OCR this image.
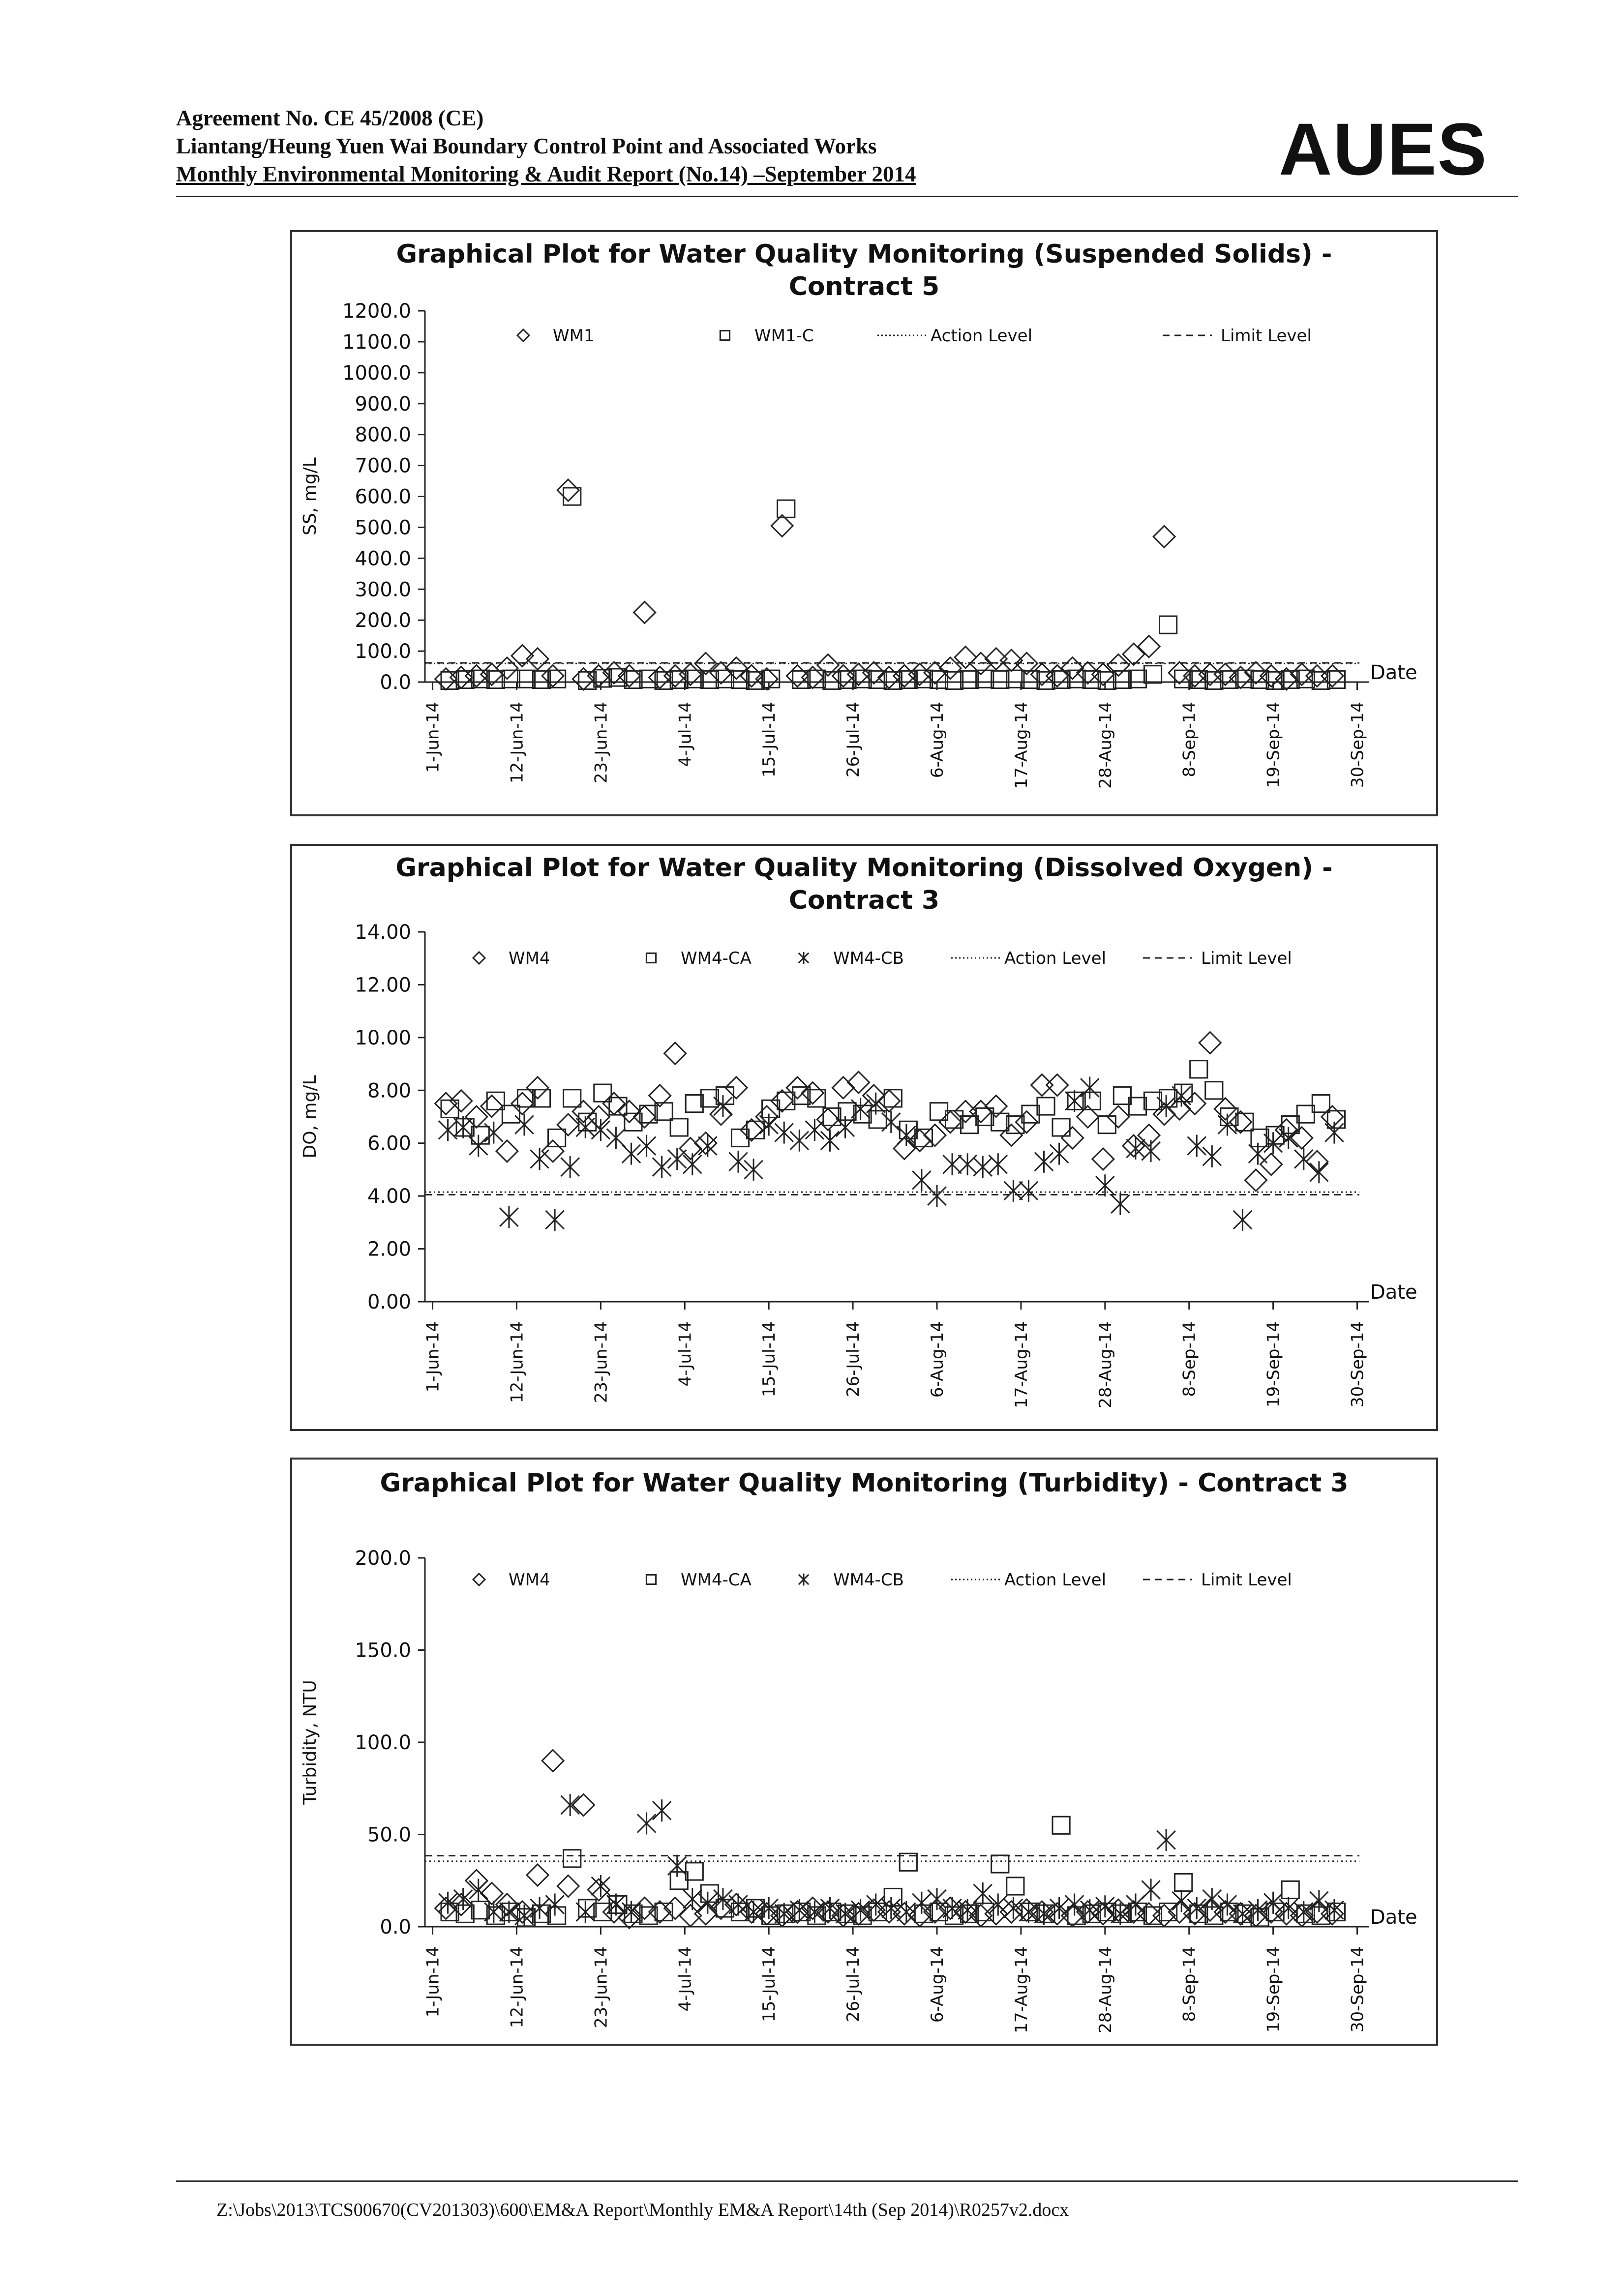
Agreement No. CE 45/2008 (CE)
Liantang/Heung Yuen Wai Boundary Control Point and Associated Works
Monthly Environmental Monitoring & Audit Report (No.14) –September 2014	AUES
Graphical Plot for Water Quality Monitoring (Suspended Solids) -
Contract 5
0.0
100.0
200.0
300.0
400.0
500.0
600.0
700.0
800.0
900.0
1000.0
1100.0
1200.0
SS, mg/L
1-Jun-14	12-Jun-14	23-Jun-14	4-Jul-14	15-Jul-14	26-Jul-14	6-Aug-14	17-Aug-14	28-Aug-14	8-Sep-14	19-Sep-14	30-Sep-14
Date
WM1	WM1-C	Action Level	Limit Level
Graphical Plot for Water Quality Monitoring (Dissolved Oxygen) -
Contract 3
0.00
2.00
4.00
6.00
8.00
10.00
12.00
14.00
DO, mg/L
1-Jun-14	12-Jun-14	23-Jun-14	4-Jul-14	15-Jul-14	26-Jul-14	6-Aug-14	17-Aug-14	28-Aug-14	8-Sep-14	19-Sep-14	30-Sep-14
Date
WM4	WM4-CA	WM4-CB	Action Level	Limit Level
Graphical Plot for Water Quality Monitoring (Turbidity) - Contract 3
0.0
50.0
100.0
150.0
200.0
Turbidity, NTU
1-Jun-14	12-Jun-14	23-Jun-14	4-Jul-14	15-Jul-14	26-Jul-14	6-Aug-14	17-Aug-14	28-Aug-14	8-Sep-14	19-Sep-14	30-Sep-14
Date
WM4	WM4-CA	WM4-CB	Action Level	Limit Level
Z:\Jobs\2013\TCS00670(CV201303)\600\EM&A Report\Monthly EM&A Report\14th (Sep 2014)\R0257v2.docx
